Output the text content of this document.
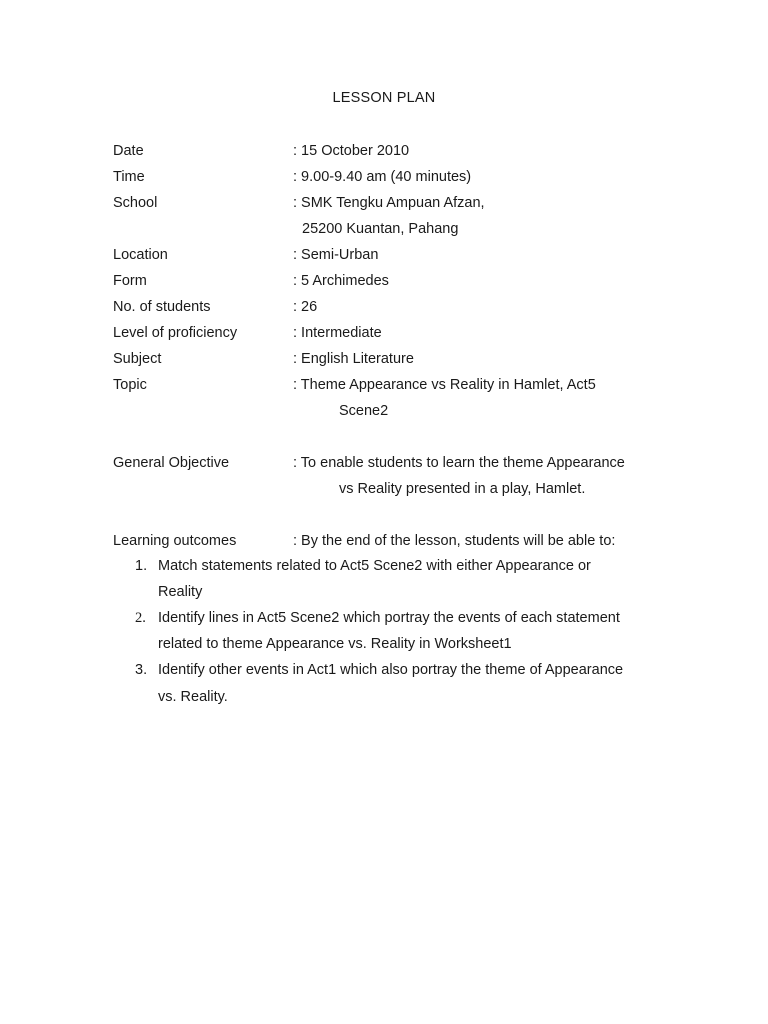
LESSON PLAN
Date	: 15 October 2010
Time	: 9.00-9.40 am (40 minutes)
School	: SMK Tengku Ampuan Afzan,
25200 Kuantan, Pahang
Location	: Semi-Urban
Form	: 5 Archimedes
No. of students	: 26
Level of proficiency	: Intermediate
Subject	: English Literature
Topic	: Theme Appearance vs Reality in Hamlet, Act5
Scene2
General Objective	: To enable students to learn the theme Appearance
vs Reality presented in a play, Hamlet.
Learning outcomes	: By the end of the lesson, students will be able to:
1. Match statements related to Act5 Scene2 with either Appearance or
Reality
2. Identify lines in Act5 Scene2 which portray the events of each statement
related to theme Appearance vs. Reality in Worksheet1
3. Identify other events in Act1 which also portray the theme of Appearance
vs. Reality.
